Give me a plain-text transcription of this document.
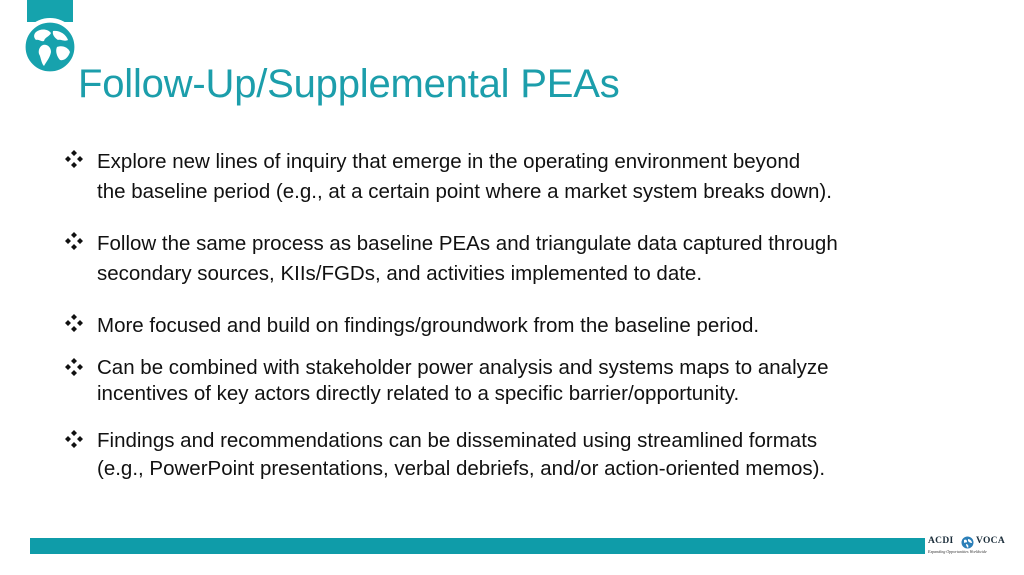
Follow-Up/Supplemental PEAs
Explore new lines of inquiry that emerge in the operating environment beyond
the baseline period (e.g., at a certain point where a market system breaks down).
Follow the same process as baseline PEAs and triangulate data captured through
secondary sources, KIIs/FGDs, and activities implemented to date.
More focused and build on findings/groundwork from the baseline period.
Can be combined with stakeholder power analysis and systems maps to analyze
incentives of key actors directly related to a specific barrier/opportunity.
Findings and recommendations can be disseminated using streamlined formats
(e.g., PowerPoint presentations, verbal debriefs, and/or action-oriented memos).
ACDI VOCA
Expanding Opportunities Worldwide
